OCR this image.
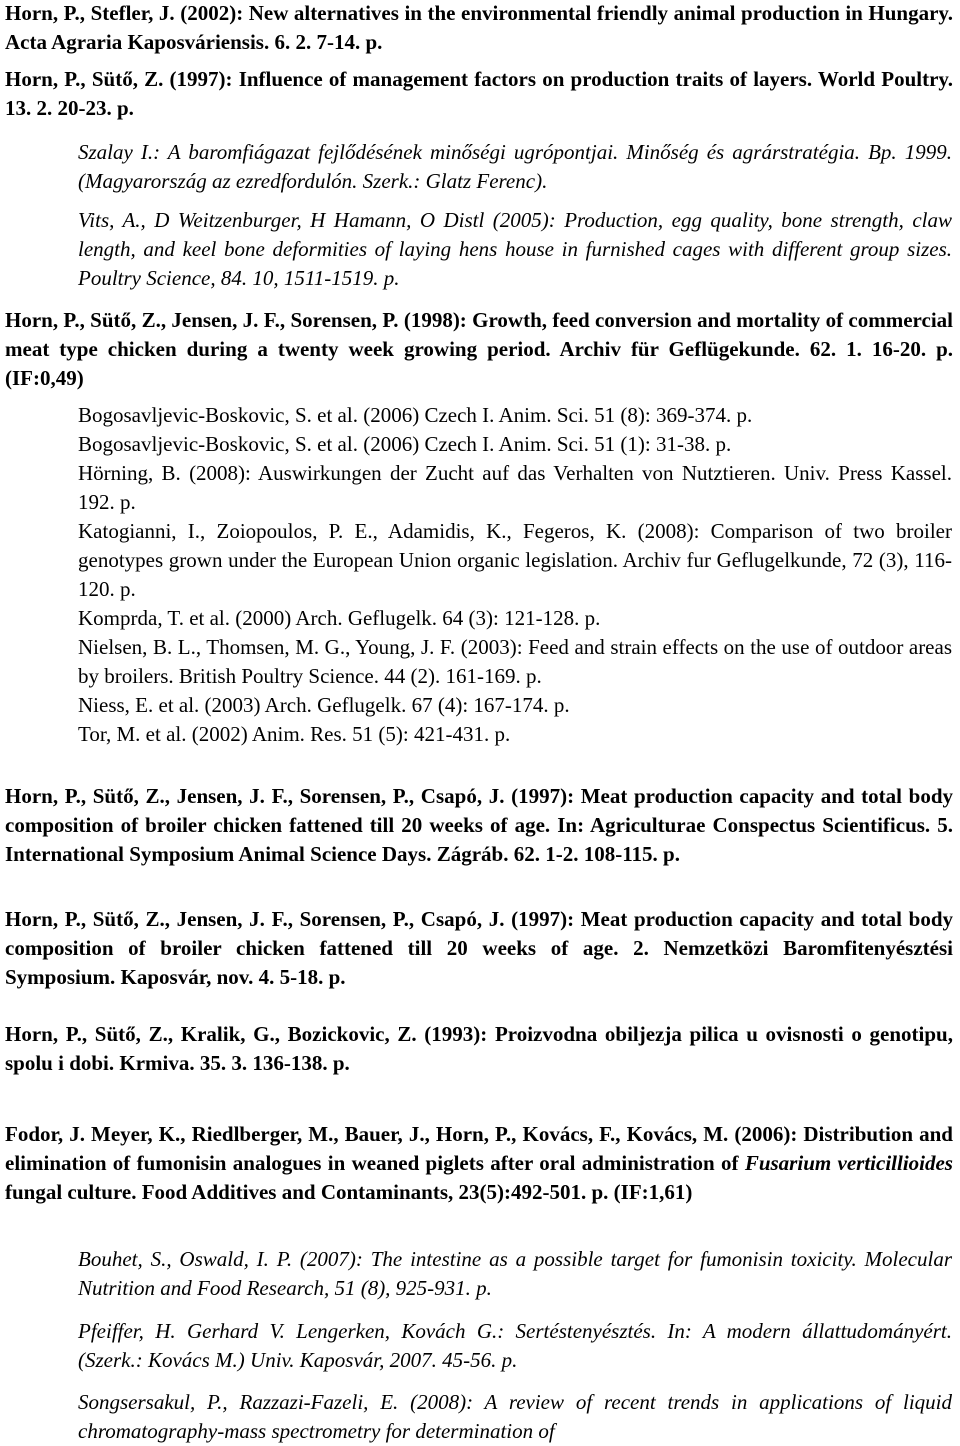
Horn, P., Stefler, J. (2002): New alternatives in the environmental friendly animal production in Hungary. Acta Agraria Kaposváriensis. 6. 2. 7-14. p.

Horn, P., Sütő, Z. (1997): Influence of management factors on production traits of layers. World Poultry. 13. 2. 20-23. p.

Szalay I.: A baromfiágazat fejlődésének minőségi ugrópontjai. Minőség és agrárstratégia. Bp. 1999. (Magyarország az ezredfordulón. Szerk.: Glatz Ferenc).

Vits, A., D Weitzenburger, H Hamann, O Distl (2005): Production, egg quality, bone strength, claw length, and keel bone deformities of laying hens house in furnished cages with different group sizes. Poultry Science, 84. 10, 1511-1519. p.

Horn, P., Sütő, Z., Jensen, J. F., Sorensen, P. (1998): Growth, feed conversion and mortality of commercial meat type chicken during a twenty week growing period. Archiv für Geflügekunde. 62. 1. 16-20. p. (IF:0,49)

Bogosavljevic-Boskovic, S. et al. (2006) Czech I. Anim. Sci. 51 (8): 369-374. p.

Bogosavljevic-Boskovic, S. et al. (2006) Czech I. Anim. Sci. 51 (1): 31-38. p.

Hörning, B. (2008): Auswirkungen der Zucht auf das Verhalten von Nutztieren. Univ. Press Kassel. 192. p.

Katogianni, I., Zoiopoulos, P. E., Adamidis, K., Fegeros, K. (2008): Comparison of two broiler genotypes grown under the European Union organic legislation. Archiv fur Geflugelkunde, 72 (3), 116-120. p.

Komprda, T. et al. (2000) Arch. Geflugelk. 64 (3): 121-128. p.

Nielsen, B. L., Thomsen, M. G., Young, J. F. (2003): Feed and strain effects on the use of outdoor areas by broilers. British Poultry Science. 44 (2). 161-169. p.

Niess, E. et al. (2003) Arch. Geflugelk. 67 (4): 167-174. p.

Tor, M. et al. (2002) Anim. Res. 51 (5): 421-431. p.

Horn, P., Sütő, Z., Jensen, J. F., Sorensen, P., Csapó, J. (1997): Meat production capacity and total body composition of broiler chicken fattened till 20 weeks of age. In: Agriculturae Conspectus Scientificus. 5. International Symposium Animal Science Days. Zágráb. 62. 1-2. 108-115. p.

Horn, P., Sütő, Z., Jensen, J. F., Sorensen, P., Csapó, J. (1997): Meat production capacity and total body composition of broiler chicken fattened till 20 weeks of age. 2. Nemzetközi Baromfitenyésztési Symposium. Kaposvár, nov. 4. 5-18. p.

Horn, P., Sütő, Z., Kralik, G., Bozickovic, Z. (1993): Proizvodna obiljezja pilica u ovisnosti o genotipu, spolu i dobi. Krmiva. 35. 3. 136-138. p.

Fodor, J. Meyer, K., Riedlberger, M., Bauer, J., Horn, P., Kovács, F., Kovács, M. (2006): Distribution and elimination of fumonisin analogues in weaned piglets after oral administration of Fusarium verticillioides fungal culture. Food Additives and Contaminants, 23(5):492-501. p. (IF:1,61)

Bouhet, S., Oswald, I. P. (2007): The intestine as a possible target for fumonisin toxicity. Molecular Nutrition and Food Research, 51 (8), 925-931. p.

Pfeiffer, H. Gerhard V. Lengerken, Kovách G.: Sertéstenyésztés. In: A modern állattudományért. (Szerk.: Kovács M.) Univ. Kaposvár, 2007. 45-56. p.

Songsersakul, P., Razzazi-Fazeli, E. (2008): A review of recent trends in applications of liquid chromatography-mass spectrometry for determination of
